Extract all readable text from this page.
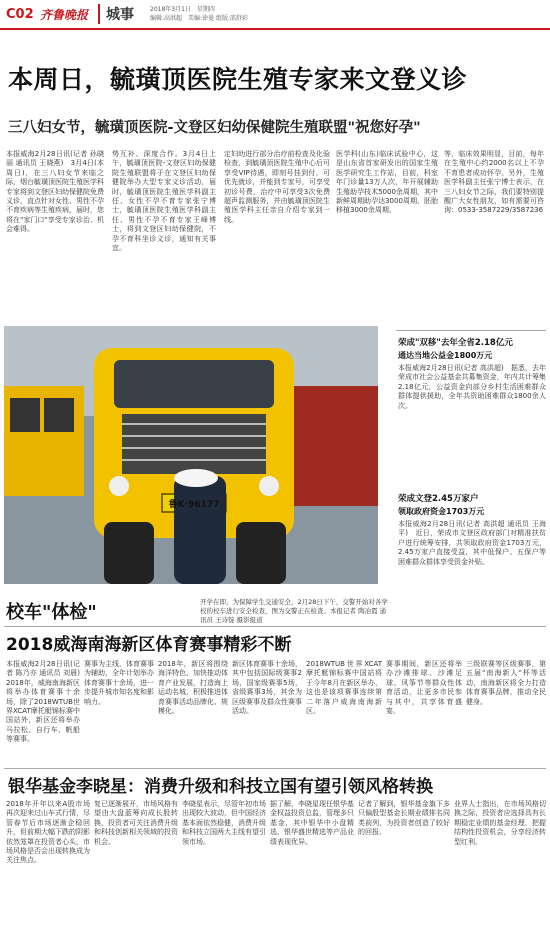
C02 齐鲁晚报	城事	2018年3月1日　星期四
编辑:高洪超　美编:徐曼 组版:邵舒彩
本周日，毓璜顶医院生殖专家来文登义诊
三八妇女节，毓璜顶医院-文登区妇幼保健院生殖联盟"祝您好孕"
本报威海2月28日讯(记者 孙晓丽 通讯员 王晓燕)　3月4日(本周日)，在三八妇女节来临之际，烟台毓璜顶医院生殖医学科专家将到文登区妇幼保健院免费义诊，直点针对女性、男性不孕不育疾病等生殖疾病，届时，您将在"家门口"享受专家诊治、机会难得。
势互补、深度合作。3月4日上午，毓璜顶医院-文登区妇幼保健院生殖联盟将于在文登区妇幼保健院举办大型专家义诊活动，届时，毓璜顶医院生殖医学科副主任、女性不孕不育专家张宁博士，毓璜顶医院生殖医学科副主任、男性不孕不育专家王峰博士，将到文登区妇幼保健院，不孕不育科坐诊义诊，通知有关事宜。
定妇幼进行部分治疗前检查及化验检查，到毓璜顶医院生殖中心后可享受VIP待遇，即刻号挂到付，可优先就诊，并能到专家号，可享受初诊号费，治疗中可享受3次免费超声监测服务，并由毓璜顶医院生殖医学科主任亲自介绍专家到一线。
医学科(山东)临床试验中心，这是山东省首家研发出的国家生殖医学研究生工作站，目前，科室年门诊量13万人次，年开展辅助生殖助孕技术5000余周期，其中新鲜周期助孕达3000周期，胚胎移植3000余周期。
等，临床效果明显，目前，每年在生殖中心约2000名以上不孕不育患者成功怀孕。另外，生殖医学科副主任张宁博士表示，在三八妇女节之际，我们要特别提醒广大女性朋友，如有需要可咨询：0533-3587229/3587236
鲁K·96177
校车"体检"	开学在即，为保障学生交通安全，2月28日下午，交警开始对各学校的校车进行安全检查，图为交警正在检查。本报记者 陶冶霞 通讯员 王诗锭 摄影报道
荣成"双移"去年全省2.18亿元
通达当地公益金1800万元
本报威海2月28日讯(记者 高洪超)　据悉，去年荣成市社会公益基金共募集资金，年内共计筹集2.18亿元，公益资金向部分乡村生活困难群众群体提供援助，全年共资助困难群众1800余人次。
荣成文登2.45万家户
领取政府资金1703万元
本报威海2月28日讯(记者 高洪超 通讯员 王海平)　近日，荣成市文登区政府部门对精准扶贫户进行统筹安排，共领取政府资金1703万元，2.45万家户直接受益，其中低保户、五保户等困难群众群体享受资金补贴。
2018威海南海新区体育赛事精彩不断
本报威海2月28日讯(记者 陈乃亦 通讯员 刘晨)　2018年，威海南海新区将举办体育赛事十余场，除了2018WTUB世界XCAT摩托艇锦标赛中国站外，新区还将举办马拉松、自行车、帆船等赛事。
赛事为主线，体育赛事为辅助，全年计划举办体育赛事十余场，进一步提升城市知名度和影响力。
2018年，新区将围绕海洋特色、加快推动体育产业发展，打造海上运动名城，积极推进体育赛事活动品牌化、规模化。
新区体育赛事十余场，其中包括国际级赛事2场，国家级赛事5场，省级赛事3场，其余为区级赛事及群众性赛事活动。
2018WTUB世界XCAT摩托艇锦标赛中国站将于今年8月在新区举办，这也是该项赛事连续第二年落户威海南海新区。
赛事期间，新区还将举办沙滩排球、沙滩足球、风筝节等群众性体育活动，让更多市民参与其中，共享体育盛宴。
三级联赛等区级赛事，第五届"南海新人"杯等活动，南海新区将全力打造体育赛事品牌，推动全民健身。
银华基金李晓星：消费升级和科技立国有望引领风格转换
2018年开年以来A股市场再次迎来过山车式行情，尽管春节后市场逐渐企稳回升，但前期大幅下跌的阴影依然笼罩在投资者心头，市场风格是否会出现转换成为关注焦点。
复已逐渐展开，市场风格有望由大盘蓝筹向成长股转换，投资者可关注消费升级和科技创新相关领域的投资机会。
李晓星表示，尽管年初市场出现较大波动，但中国经济基本面依然稳健，消费升级和科技立国两大主线有望引领市场。
据了解，李晓星现任银华基金权益投资总监，管理多只基金，其中银华中小盘精选、银华盛世精选等产品业绩表现优异。
记者了解到，银华基金旗下多只偏股型基金长期业绩排名同类前列，为投资者创造了较好的回报。
业界人士指出，在市场风格切换之际，投资者应选择具有长期稳定业绩的基金经理，把握结构性投资机会，分享经济转型红利。
